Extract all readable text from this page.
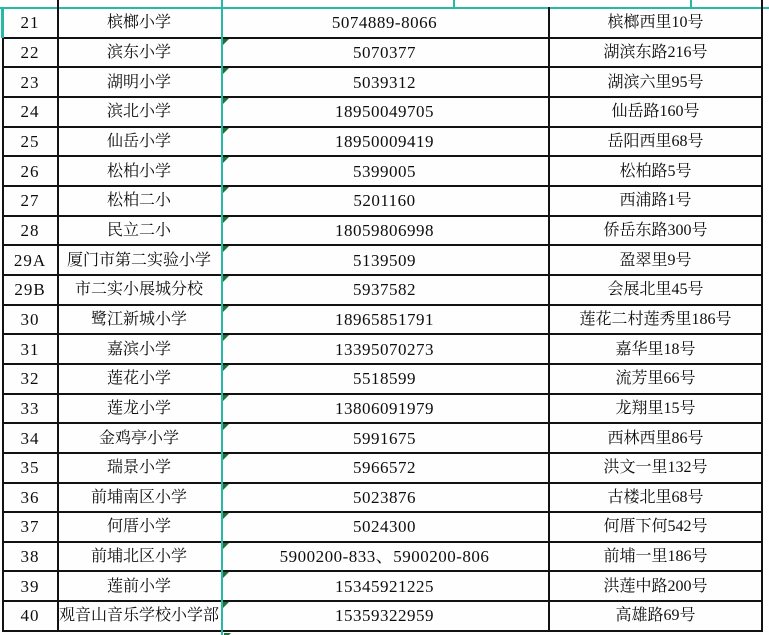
21	槟榔小学	5074889-8066	槟榔西里10号
22	滨东小学	5070377	湖滨东路216号
23	湖明小学	5039312	湖滨六里95号
24	滨北小学	18950049705	仙岳路160号
25	仙岳小学	18950009419	岳阳西里68号
26	松柏小学	5399005	松柏路5号
27	松柏二小	5201160	西浦路1号
28	民立二小	18059806998	侨岳东路300号
29A	厦门市第二实验小学	5139509	盈翠里9号
29B	市二实小展城分校	5937582	会展北里45号
30	鹭江新城小学	18965851791	莲花二村莲秀里186号
31	嘉滨小学	13395070273	嘉华里18号
32	莲花小学	5518599	流芳里66号
33	莲龙小学	13806091979	龙翔里15号
34	金鸡亭小学	5991675	西林西里86号
35	瑞景小学	5966572	洪文一里132号
36	前埔南区小学	5023876	古楼北里68号
37	何厝小学	5024300	何厝下何542号
38	前埔北区小学	5900200-833、5900200-806	前埔一里186号
39	莲前小学	15345921225	洪莲中路200号
40	观音山音乐学校小学部	15359322959	高雄路69号
